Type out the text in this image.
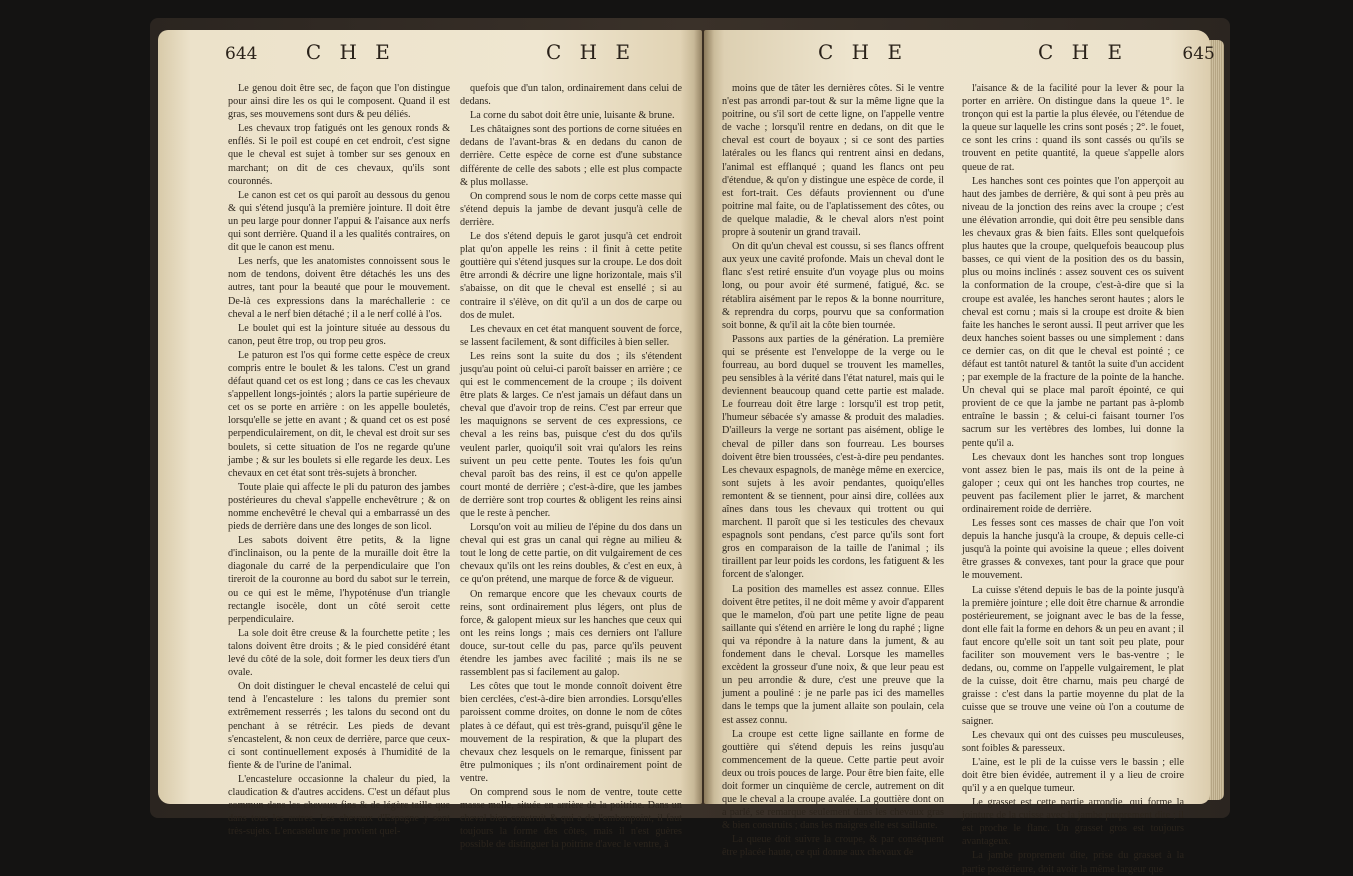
644 C H E	C H E	C H E	C H E	645

Le genou doit être sec, de façon que l'on distingue pour ainsi dire les os qui le composent. Quand il est gras, ses mouvemens sont durs & peu déliés.

Les chevaux trop fatigués ont les genoux ronds & enflés. Si le poil est coupé en cet endroit, c'est signe que le cheval est sujet à tomber sur ses genoux en marchant; on dit de ces chevaux, qu'ils sont couronnés.

Le canon est cet os qui paroît au dessous du genou & qui s'étend jusqu'à la première jointure. Il doit être un peu large pour donner l'appui & l'aisance aux nerfs qui sont derrière. Quand il a les qualités contraires, on dit que le canon est menu.

Les nerfs, que les anatomistes connoissent sous le nom de tendons, doivent être détachés les uns des autres, tant pour la beauté que pour le mouvement. De-là ces expressions dans la maréchallerie : ce cheval a le nerf bien détaché ; il a le nerf collé à l'os.

Le boulet qui est la jointure située au dessous du canon, peut être trop, ou trop peu gros.

Le paturon est l'os qui forme cette espèce de creux compris entre le boulet & les talons. C'est un grand défaut quand cet os est long ; dans ce cas les chevaux s'appellent longs-jointés ; alors la partie supérieure de cet os se porte en arrière : on les appelle bouletés, lorsqu'elle se jette en avant ; & quand cet os est posé perpendiculairement, on dit, le cheval est droit sur ses boulets, si cette situation de l'os ne regarde qu'une jambe ; & sur les boulets si elle regarde les deux. Les chevaux en cet état sont très-sujets à broncher.

Toute plaie qui affecte le pli du paturon des jambes postérieures du cheval s'appelle enchevêtrure ; & on nomme enchevêtré le cheval qui a embarrassé un des pieds de derrière dans une des longes de son licol.

Les sabots doivent être petits, & la ligne d'inclinaison, ou la pente de la muraille doit être la diagonale du carré de la perpendiculaire que l'on tireroit de la couronne au bord du sabot sur le terrein, ou ce qui est le même, l'hypoténuse d'un triangle rectangle isocèle, dont un côté seroit cette perpendiculaire.

La sole doit être creuse & la fourchette petite ; les talons doivent être droits ; & le pied considéré étant levé du côté de la sole, doit former les deux tiers d'un ovale.

On doit distinguer le cheval encastelé de celui qui tend à l'encastelure : les talons du premier sont extrêmement resserrés ; les talons du second ont du penchant à se rétrécir. Les pieds de devant s'encastelent, & non ceux de derrière, parce que ceux-ci sont continuellement exposés à l'humidité de la fiente & de l'urine de l'animal.

L'encastelure occasionne la chaleur du pied, la claudication & d'autres accidens. C'est un défaut plus commun dans les chevaux fins & de légère taille que dans tous les autres. Les chevaux d'Espagne y sont très-sujets. L'encastelure ne provient quel-

quefois que d'un talon, ordinairement dans celui de dedans.

La corne du sabot doit être unie, luisante & brune.

Les châtaignes sont des portions de corne situées en dedans de l'avant-bras & en dedans du canon de derrière. Cette espèce de corne est d'une substance différente de celle des sabots ; elle est plus compacte & plus mollasse.

On comprend sous le nom de corps cette masse qui s'étend depuis la jambe de devant jusqu'à celle de derrière.

Le dos s'étend depuis le garot jusqu'à cet endroit plat qu'on appelle les reins : il finit à cette petite gouttière qui s'étend jusques sur la croupe. Le dos doit être arrondi & décrire une ligne horizontale, mais s'il s'abaisse, on dit que le cheval est ensellé ; si au contraire il s'élève, on dit qu'il a un dos de carpe ou dos de mulet.

Les chevaux en cet état manquent souvent de force, se lassent facilement, & sont difficiles à bien seller.

Les reins sont la suite du dos ; ils s'étendent jusqu'au point où celui-ci paroît baisser en arrière ; ce qui est le commencement de la croupe ; ils doivent être plats & larges. Ce n'est jamais un défaut dans un cheval que d'avoir trop de reins. C'est par erreur que les maquignons se servent de ces expressions, ce cheval a les reins bas, puisque c'est du dos qu'ils veulent parler, quoiqu'il soit vrai qu'alors les reins suivent un peu cette pente. Toutes les fois qu'un cheval paroît bas des reins, il est ce qu'on appelle court monté de derrière ; c'est-à-dire, que les jambes de derrière sont trop courtes & obligent les reins ainsi que le reste à pencher.

Lorsqu'on voit au milieu de l'épine du dos dans un cheval qui est gras un canal qui règne au milieu & tout le long de cette partie, on dit vulgairement de ces chevaux qu'ils ont les reins doubles, & c'est en eux, à ce qu'on prétend, une marque de force & de vigueur.

On remarque encore que les chevaux courts de reins, sont ordinairement plus légers, ont plus de force, & galopent mieux sur les hanches que ceux qui ont les reins longs ; mais ces derniers ont l'allure douce, sur-tout celle du pas, parce qu'ils peuvent étendre les jambes avec facilité ; mais ils ne se rassemblent pas si facilement au galop.

Les côtes que tout le monde connoît doivent être bien cerclées, c'est-à-dire bien arrondies. Lorsqu'elles paroissent comme droites, on donne le nom de côtes plates à ce défaut, qui est très-grand, puisqu'il gêne le mouvement de la respiration, & que la plupart des chevaux chez lesquels on le remarque, finissent par être pulmoniques ; ils n'ont ordinairement point de ventre.

On comprend sous le nom de ventre, toute cette masse molle, située en arrière de la poitrine. Dans un cheval bien construit & qui a de l'embonpoint, il faut toujours la forme des côtes, mais il n'est guères possible de distinguer la poitrine d'avec le ventre, à

moins que de tâter les dernières côtes. Si le ventre n'est pas arrondi par-tout & sur la même ligne que la poitrine, ou s'il sort de cette ligne, on l'appelle ventre de vache ; lorsqu'il rentre en dedans, on dit que le cheval est court de boyaux ; si ce sont des parties latérales ou les flancs qui rentrent ainsi en dedans, l'animal est efflanqué ; quand les flancs ont peu d'étendue, & qu'on y distingue une espèce de corde, il est fort-trait. Ces défauts proviennent ou d'une poitrine mal faite, ou de l'aplatissement des côtes, ou de quelque maladie, & le cheval alors n'est point propre à soutenir un grand travail.

On dit qu'un cheval est coussu, si ses flancs offrent aux yeux une cavité profonde. Mais un cheval dont le flanc s'est retiré ensuite d'un voyage plus ou moins long, ou pour avoir été surmené, fatigué, &c. se rétablira aisément par le repos & la bonne nourriture, & reprendra du corps, pourvu que sa conformation soit bonne, & qu'il ait la côte bien tournée.

Passons aux parties de la génération. La première qui se présente est l'enveloppe de la verge ou le fourreau, au bord duquel se trouvent les mamelles, peu sensibles à la vérité dans l'état naturel, mais qui le deviennent beaucoup quand cette partie est malade. Le fourreau doit être large : lorsqu'il est trop petit, l'humeur sébacée s'y amasse & produit des maladies. D'ailleurs la verge ne sortant pas aisément, oblige le cheval de piller dans son fourreau. Les bourses doivent être bien troussées, c'est-à-dire peu pendantes. Les chevaux espagnols, de manège même en exercice, sont sujets à les avoir pendantes, quoiqu'elles remontent & se tiennent, pour ainsi dire, collées aux aînes dans tous les chevaux qui trottent ou qui marchent. Il paroît que si les testicules des chevaux espagnols sont pendans, c'est parce qu'ils sont fort gros en comparaison de la taille de l'animal ; ils tiraillent par leur poids les cordons, les fatiguent & les forcent de s'alonger.

La position des mamelles est assez connue. Elles doivent être petites, il ne doit même y avoir d'apparent que le mamelon, d'où part une petite ligne de peau saillante qui s'étend en arrière le long du raphé ; ligne qui va répondre à la nature dans la jument, & au fondement dans le cheval. Lorsque les mamelles excèdent la grosseur d'une noix, & que leur peau est un peu arrondie & dure, c'est une preuve que la jument a pouliné : je ne parle pas ici des mamelles dans le temps que la jument allaite son poulain, cela est assez connu.

La croupe est cette ligne saillante en forme de gouttière qui s'étend depuis les reins jusqu'au commencement de la queue. Cette partie peut avoir deux ou trois pouces de large. Pour être bien faite, elle doit former un cinquième de cercle, autrement on dit que le cheval a la croupe avalée. La gouttière dont on a parlé, se remarque seulement dans les chevaux gras & bien construits ; dans les maigres elle est saillante.

La queue doit suivre la croupe, & par conséquent être placée haute, ce qui donne aux chevaux de

l'aisance & de la facilité pour la lever & pour la porter en arrière. On distingue dans la queue 1°. le tronçon qui est la partie la plus élevée, ou l'étendue de la queue sur laquelle les crins sont posés ; 2°. le fouet, ce sont les crins : quand ils sont cassés ou qu'ils se trouvent en petite quantité, la queue s'appelle alors queue de rat.

Les hanches sont ces pointes que l'on apperçoit au haut des jambes de derrière, & qui sont à peu près au niveau de la jonction des reins avec la croupe ; c'est une élévation arrondie, qui doit être peu sensible dans les chevaux gras & bien faits. Elles sont quelquefois plus hautes que la croupe, quelquefois beaucoup plus basses, ce qui vient de la position des os du bassin, plus ou moins inclinés : assez souvent ces os suivent la conformation de la croupe, c'est-à-dire que si la croupe est avalée, les hanches seront hautes ; alors le cheval est cornu ; mais si la croupe est droite & bien faite les hanches le seront aussi. Il peut arriver que les deux hanches soient basses ou une simplement : dans ce dernier cas, on dit que le cheval est pointé ; ce défaut est tantôt naturel & tantôt la suite d'un accident ; par exemple de la fracture de la pointe de la hanche. Un cheval qui se place mal paroît épointé, ce qui provient de ce que la jambe ne partant pas à-plomb entraîne le bassin ; & celui-ci faisant tourner l'os sacrum sur les vertèbres des lombes, lui donne la pente qu'il a.

Les chevaux dont les hanches sont trop longues vont assez bien le pas, mais ils ont de la peine à galoper ; ceux qui ont les hanches trop courtes, ne peuvent pas facilement plier le jarret, & marchent ordinairement roide de derrière.

Les fesses sont ces masses de chair que l'on voit depuis la hanche jusqu'à la croupe, & depuis celle-ci jusqu'à la pointe qui avoisine la queue ; elles doivent être grasses & convexes, tant pour la grace que pour le mouvement.

La cuisse s'étend depuis le bas de la pointe jusqu'à la première jointure ; elle doit être charnue & arrondie postérieurement, se joignant avec le bas de la fesse, dont elle fait la forme en dehors & un peu en avant ; il faut encore qu'elle soit un tant soit peu plate, pour faciliter son mouvement vers le bas-ventre ; le dedans, ou, comme on l'appelle vulgairement, le plat de la cuisse, doit être charnu, mais peu chargé de graisse : c'est dans la partie moyenne du plat de la cuisse que se trouve une veine où l'on a coutume de saigner.

Les chevaux qui ont des cuisses peu musculeuses, sont foibles & paresseux.

L'aine, est le pli de la cuisse vers le bassin ; elle doit être bien évidée, autrement il y a lieu de croire qu'il y a en quelque tumeur.

Le grasset est cette partie arrondie, qui forme la jointure de la cuisse avec la jambe proprement dite ; il est proche le flanc. Un grasset gros est toujours avantageux.

La jambe proprement dite, prise du grasset à la partie postérieure, doit avoir la même largeur que
